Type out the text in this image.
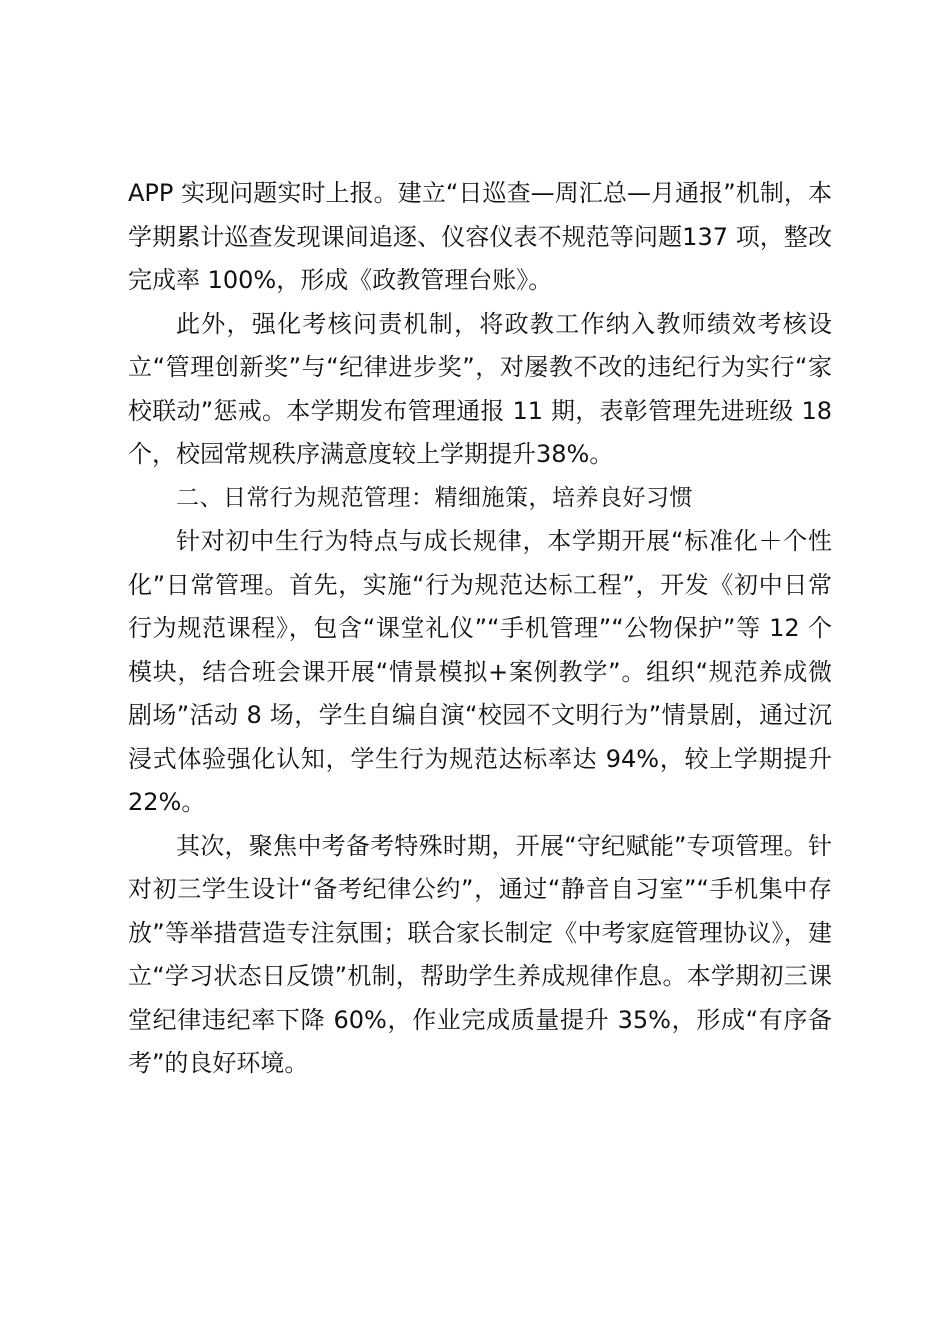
APP 实现问题实时上报。建立“日巡查—周汇总—月通报”机制，本学期累计巡查发现课间追逐、仪容仪表不规范等问题137 项，整改完成率 100%，形成《政教管理台账》。

此外，强化考核问责机制，将政教工作纳入教师绩效考核设立“管理创新奖”与“纪律进步奖”，对屡教不改的违纪行为实行“家校联动”惩戒。本学期发布管理通报 11 期，表彰管理先进班级 18 个，校园常规秩序满意度较上学期提升38%。

二、日常行为规范管理：精细施策，培养良好习惯

针对初中生行为特点与成长规律，本学期开展“标准化＋个性化”日常管理。首先，实施“行为规范达标工程”，开发《初中日常行为规范课程》，包含“课堂礼仪”“手机管理”“公物保护”等 12 个模块，结合班会课开展“情景模拟+案例教学”。组织“规范养成微剧场”活动 8 场，学生自编自演“校园不文明行为”情景剧，通过沉浸式体验强化认知，学生行为规范达标率达 94%，较上学期提升 22%。

其次，聚焦中考备考特殊时期，开展“守纪赋能”专项管理。针对初三学生设计“备考纪律公约”，通过“静音自习室”“手机集中存放”等举措营造专注氛围；联合家长制定《中考家庭管理协议》，建立“学习状态日反馈”机制，帮助学生养成规律作息。本学期初三课堂纪律违纪率下降 60%，作业完成质量提升 35%，形成“有序备考”的良好环境。
